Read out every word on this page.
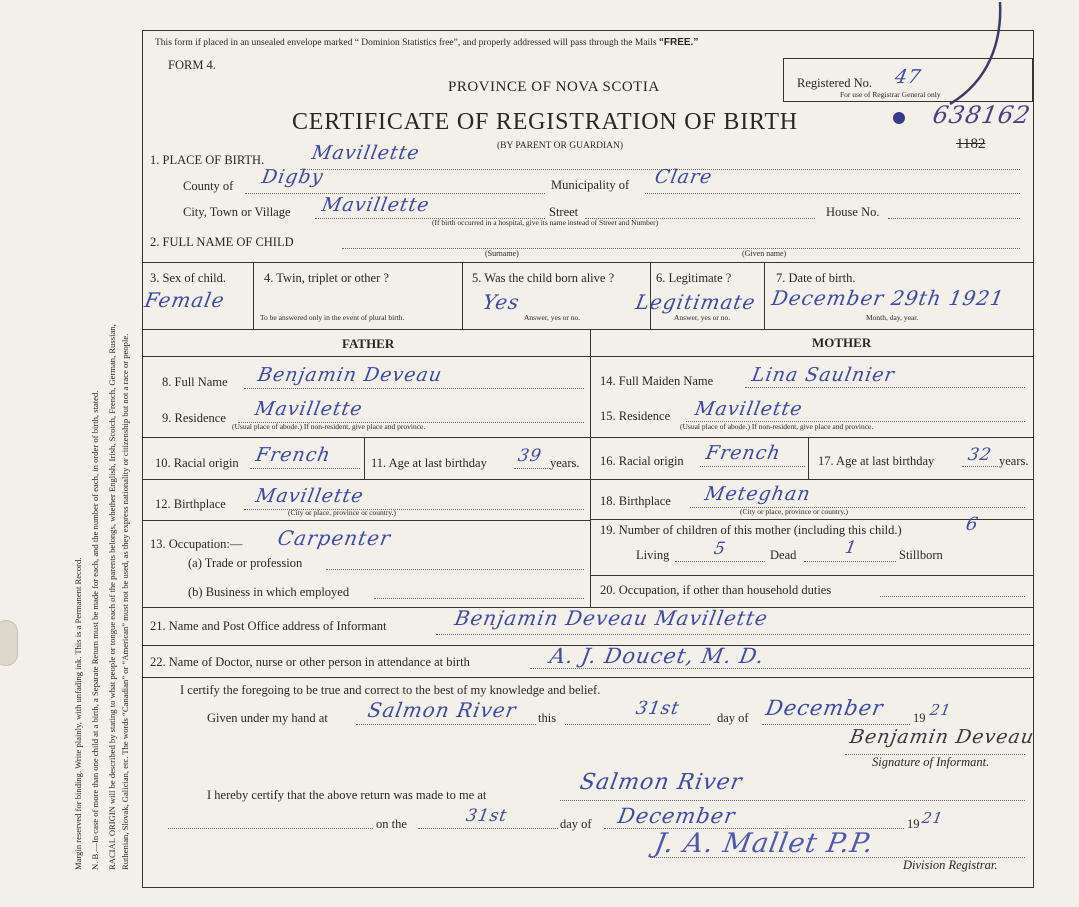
Margin reserved for binding. Write plainly, with unfading ink. This is a Permanent Record. N. B.—In case of more than one child at a birth, a Separate Return must be made for each, and the number of each, in order of birth, stated. RACIAL ORIGIN will be described by stating to what people or tongue each of the parents belongs, whether English, Irish, Scotch, French, German, Russian, Ruthenian, Slovak, Galician, etc. The words “Canadian” or “American” must not be used, as they express nationality or citizenship but not a race or people.
This form if placed in an unsealed envelope marked “ Dominion Statistics free”, and properly addressed will pass through the Mails “FREE.”
FORM 4.
PROVINCE OF NOVA SCOTIA
CERTIFICATE OF REGISTRATION OF BIRTH
(BY PARENT OR GUARDIAN)
Registered No. 47
For use of Registrar General only
638162
1182
1. PLACE OF BIRTH. Mavillette
County of Digby	Municipality of Clare
City, Town or Village Mavillette	Street	House No.
(If birth occurred in a hospital, give its name instead of Street and Number)
2. FULL NAME OF CHILD
(Surname)	(Given name)
3. Sex of child.
Female
4. Twin, triplet or other ?
To be answered only in the event of plural birth.
5. Was the child born alive ?
Yes
Answer, yes or no.
6. Legitimate ?
Legitimate
Answer, yes or no.
7. Date of birth.
December 29th 1921
Month, day, year.
FATHER	MOTHER
8. Full Name Benjamin Deveau
9. Residence Mavillette
(Usual place of abode.) If non-resident, give place and province.
10. Racial origin French	11. Age at last birthday 39 years.
12. Birthplace Mavillette
(City or place, province or country.)
13. Occupation:— Carpenter
(a) Trade or profession
(b) Business in which employed
14. Full Maiden Name Lina Saulnier
15. Residence Mavillette
(Usual place of abode.) If non-resident, give place and province.
16. Racial origin French	17. Age at last birthday 32 years.
18. Birthplace Meteghan
(City or place, province or country.)
19. Number of children of this mother (including this child.)	6
Living	5	Dead	1	Stillborn
20. Occupation, if other than household duties
21. Name and Post Office address of Informant	Benjamin Deveau Mavillette
22. Name of Doctor, nurse or other person in attendance at birth	A. J. Doucet, M. D.
I certify the foregoing to be true and correct to the best of my knowledge and belief.
Given under my hand at Salmon River this	31st	day of December 19 21
Benjamin Deveau
Signature of Informant.
I hereby certify that the above return was made to me at	Salmon River
on the	31st	day of December	19 21
J. A. Mallet P.P.
Division Registrar.
